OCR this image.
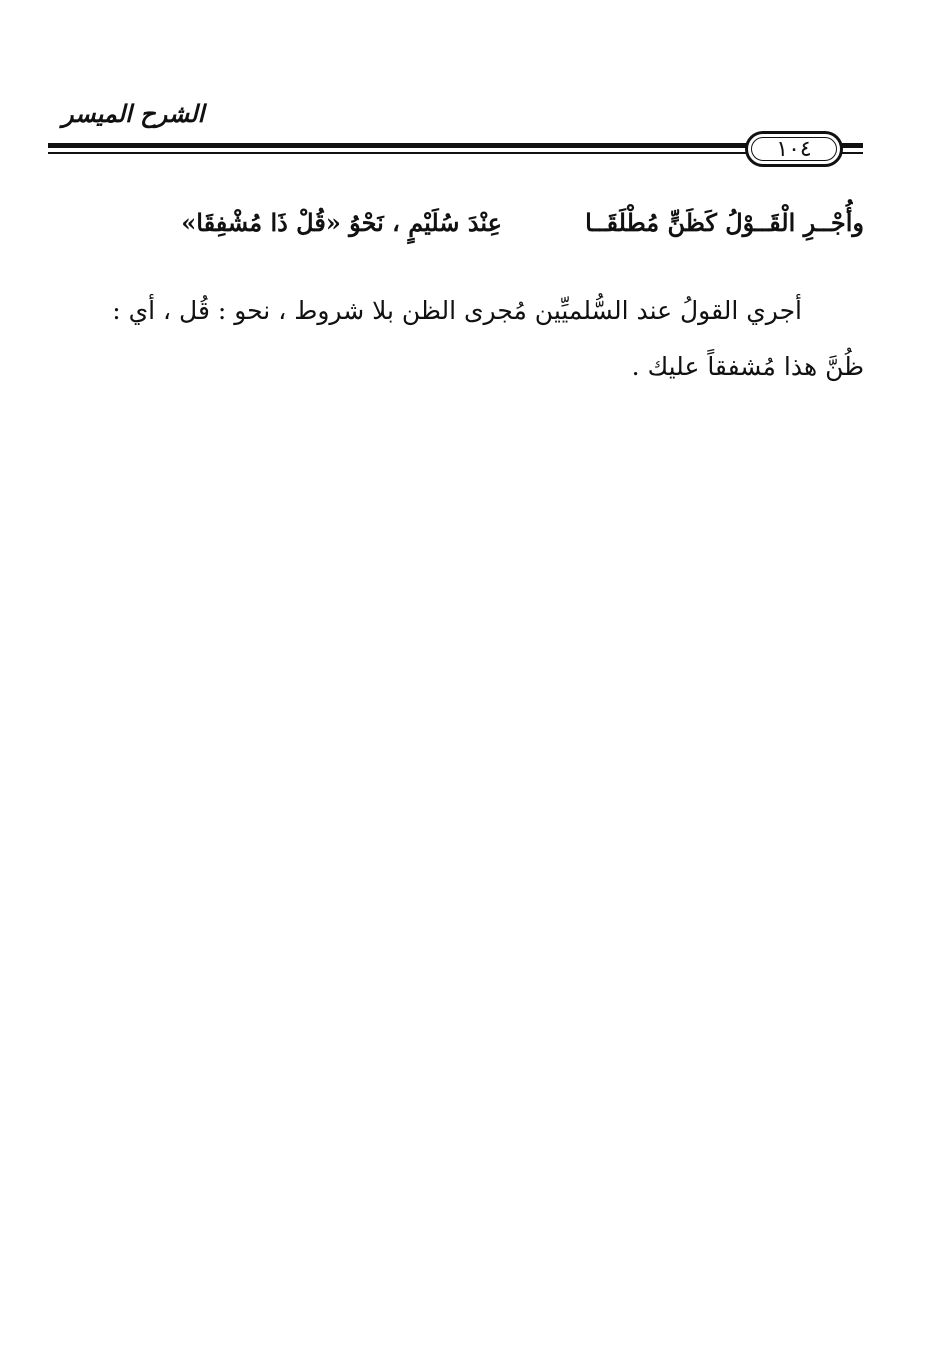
الشرح الميسر
١٠٤
وأُجْــرِ الْقَــوْلُ كَظَنٍّ مُطْلَقَــا
عِنْدَ سُلَيْمٍ ، نَحْوُ «قُلْ ذَا مُشْفِقَا»
أجري القولُ عند السُّلميِّين مُجرى الظن بلا شروط ، نحو : قُل ، أي :
ظُنَّ هذا مُشفقاً عليك .
